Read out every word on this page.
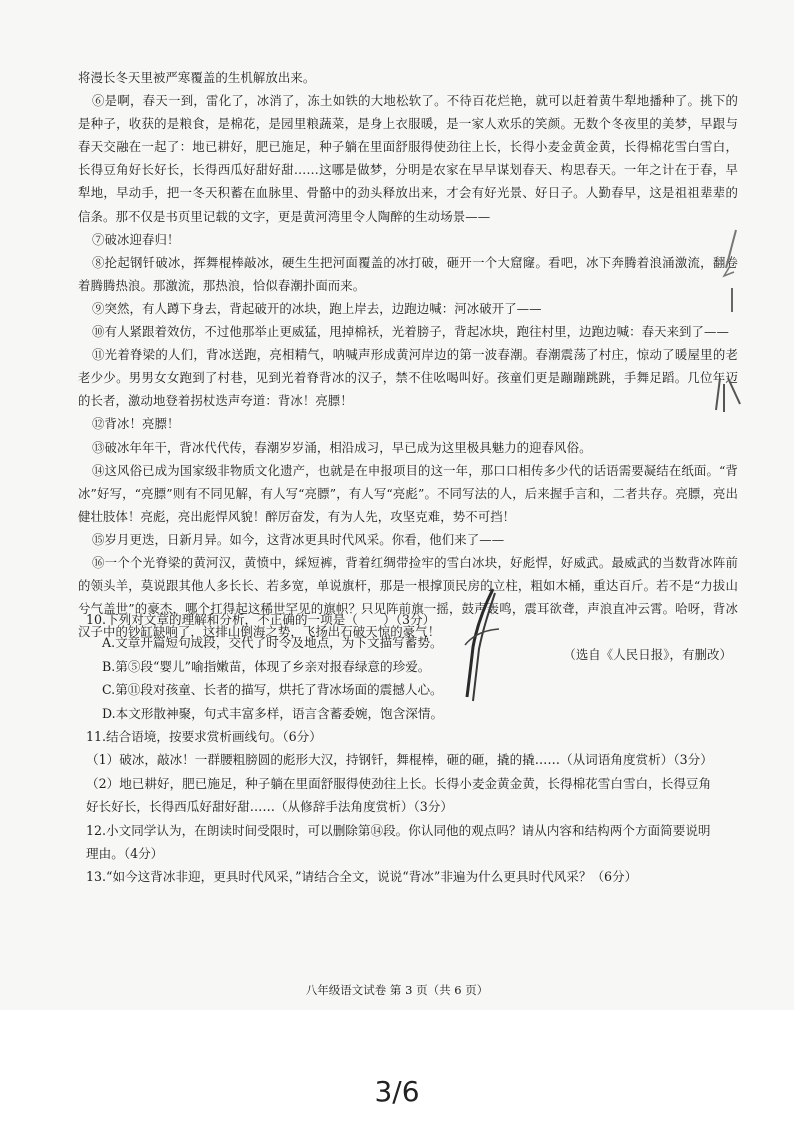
将漫长冬天里被严寒覆盖的生机解放出来。

⑥是啊，春天一到，雷化了，冰消了，冻土如铁的大地松软了。不待百花烂艳，就可以赶着黄牛犁地播种了。挑下的是种子，收获的是粮食，是棉花，是园里粮蔬菜，是身上衣服暖，是一家人欢乐的笑颜。无数个冬夜里的美梦，早跟与春天交融在一起了：地已耕好，肥已施足，种子躺在里面舒服得使劲往上长，长得小麦金黄金黄，长得棉花雪白雪白，长得豆角好长好长，长得西瓜好甜好甜……这哪是做梦，分明是农家在早早谋划春天、构思春天。一年之计在于春，早犁地，早动手，把一冬天积蓄在血脉里、骨骼中的劲头释放出来，才会有好光景、好日子。人勤春早，这是祖祖辈辈的信条。那不仅是书页里记载的文字，更是黄河湾里令人陶醉的生动场景——

⑦破冰迎春归！

⑧抡起钢钎破冰，挥舞棍棒敲冰，硬生生把河面覆盖的冰打破，砸开一个大窟窿。看吧，冰下奔腾着浪涌激流，翻卷着腾腾热浪。那激流，那热浪，恰似春潮扑面而来。

⑨突然，有人蹲下身去，背起破开的冰块，跑上岸去，边跑边喊：河冰破开了——

⑩有人紧跟着效仿，不过他那举止更威猛，甩掉棉袄，光着膀子，背起冰块，跑往村里，边跑边喊：春天来到了——

⑪光着脊梁的人们，背冰送跑，亮相精气，呐喊声形成黄河岸边的第一波春潮。春潮震荡了村庄，惊动了暖屋里的老老少少。男男女女跑到了村巷，见到光着脊背冰的汉子，禁不住吆喝叫好。孩童们更是蹦蹦跳跳，手舞足蹈。几位年迈的长者，激动地登着拐杖迭声夸道：背冰！亮膘！

⑫背冰！亮膘！

⑬破冰年年干，背冰代代传，春潮岁岁涌，相沿成习，早已成为这里极具魅力的迎春风俗。

⑭这风俗已成为国家级非物质文化遗产，也就是在申报项目的这一年，那口口相传多少代的话语需要凝结在纸面。“背冰”好写，“亮膘”则有不同见解，有人写“亮膘”，有人写“亮彪”。不同写法的人，后来握手言和，二者共存。亮膘，亮出健壮肢体！亮彪，亮出彪悍风貌！醉厉奋发，有为人先，攻坚克难，势不可挡！

⑮岁月更迭，日新月异。如今，这背冰更具时代风采。你看，他们来了——

⑯一个个光脊梁的黄河汉，黄愤中，綵短裤，背着红绸带捡牢的雪白冰块，好彪悍，好威武。最威武的当数背冰阵前的领头羊，莫说跟其他人多长长、若多宽，单说旗杆，那是一根撑顶民房的立柱，粗如木桶，重达百斤。若不是“力拔山兮气盖世”的豪杰，哪个扛得起这稀世罕见的旗帜？只见阵前旗一摇，鼓声轰鸣，震耳欲聋，声浪直冲云霄。哈呀，背冰汉子中的钞缸缺响了，这排山倒海之势，飞扬出石破天惊的豪气！

（选自《人民日报》，有删改）

10.下列对文章的理解和分析，不正确的一项是（　　）（3分）

A.文章开篇短句成段，交代了时令及地点，为下文描写蓄势。

B.第⑤段“婴儿”喻指嫩苗，体现了乡亲对报春绿意的珍爱。

C.第⑪段对孩童、长者的描写，烘托了背冰场面的震撼人心。

D.本文形散神聚，句式丰富多样，语言含蓄委婉，饱含深情。

11.结合语境，按要求赏析画线句。（6分）

（1）破冰，敲冰！一群腰粗膀圆的彪形大汉，持钢钎，舞棍棒，砸的砸，撬的撬……（从词语角度赏析）（3分）

（2）地已耕好，肥已施足，种子躺在里面舒服得使劲往上长。长得小麦金黄金黄，长得棉花雪白雪白，长得豆角好长好长，长得西瓜好甜好甜……（从修辞手法角度赏析）（3分）

12.小文同学认为，在朗读时间受限时，可以删除第⑭段。你认同他的观点吗？请从内容和结构两个方面简要说明理由。（4分）

13.“如今这背冰非迎，更具时代风采，”请结合全文，说说“背冰”非遍为什么更具时代风采？（6分）

八年级语文试卷 第 3 页（共 6 页）
3/6
